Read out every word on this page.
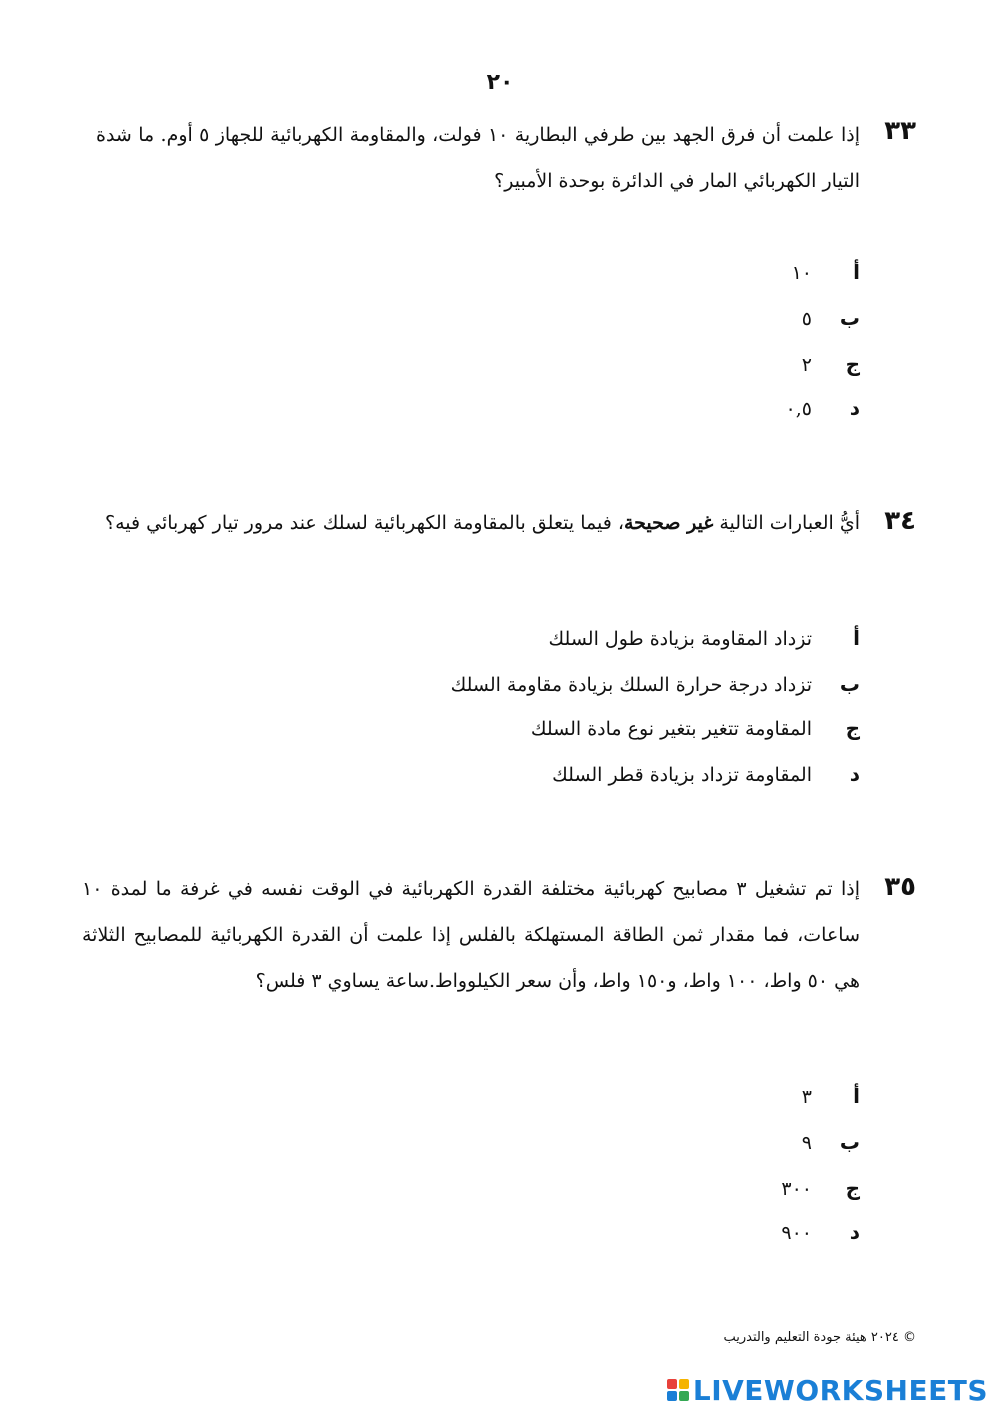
٢٠
٣٣
إذا علمت أن فرق الجهد بين طرفي البطارية ١٠ فولت، والمقاومة الكهربائية للجهاز ٥ أوم. ما شدة التيار الكهربائي المار في الدائرة بوحدة الأمبير؟
أ
١٠
ب
٥
ج
٢
د
٠,٥
٣٤
أيُّ العبارات التالية غير صحيحة، فيما يتعلق بالمقاومة الكهربائية لسلك عند مرور تيار كهربائي فيه؟
أ
تزداد المقاومة بزيادة طول السلك
ب
تزداد درجة حرارة السلك بزيادة مقاومة السلك
ج
المقاومة تتغير بتغير نوع مادة السلك
د
المقاومة تزداد بزيادة قطر السلك
٣٥
إذا تم تشغيل ٣ مصابيح كهربائية مختلفة القدرة الكهربائية في الوقت نفسه في غرفة ما لمدة ١٠ ساعات، فما مقدار ثمن الطاقة المستهلكة بالفلس إذا علمت أن القدرة الكهربائية للمصابيح الثلاثة هي ٥٠ واط، ١٠٠ واط، و١٥٠ واط، وأن سعر الكيلوواط.ساعة يساوي ٣ فلس؟
أ
٣
ب
٩
ج
٣٠٠
د
٩٠٠
© ٢٠٢٤ هيئة جودة التعليم والتدريب
LIVEWORKSHEETS
